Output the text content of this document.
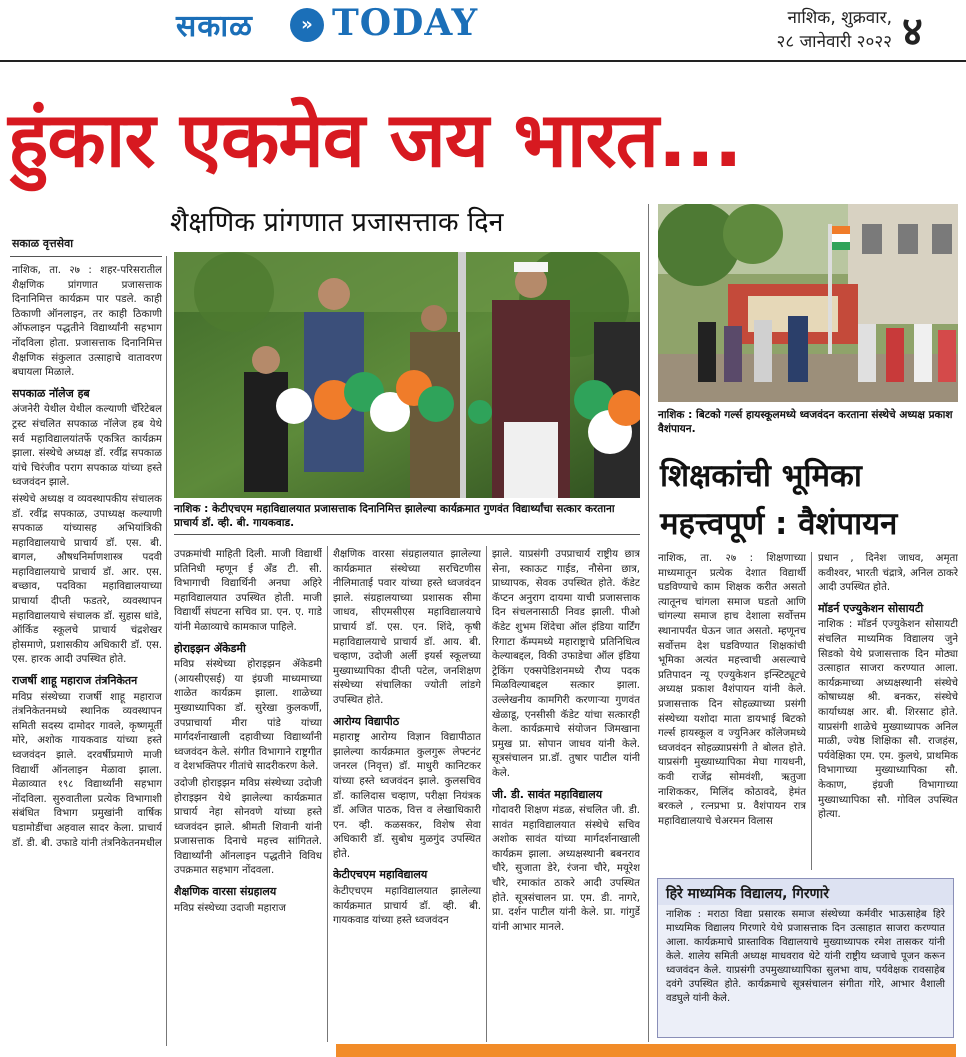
सकाळ	» TODAY	नाशिक, शुक्रवार,
२८ जानेवारी २०२२ ४
हुंकार एकमेव जय भारत...
शैक्षणिक प्रांगणात प्रजासत्ताक दिन
सकाळ वृत्तसेवा

नाशिक, ता. २७ : शहर-परिसरातील शैक्षणिक प्रांगणात प्रजासत्ताक दिनानिमित्त कार्यक्रम पार पडले. काही ठिकाणी ऑनलाइन, तर काही ठिकाणी ऑफलाइन पद्धतीने विद्यार्थ्यांनी सहभाग नोंदविला होता. प्रजासत्ताक दिनानिमित्त शैक्षणिक संकुलात उत्साहाचे वातावरण बघायला मिळाले.

सपकाळ नॉलेज हब

अंजनेरी येथील येथील कल्याणी चॅरिटेबल ट्रस्ट संचलित सपकाळ नॉलेज हब येथे सर्व महाविद्यालयांतर्फे एकत्रित कार्यक्रम झाला. संस्थेचे अध्यक्ष डॉ. रवींद्र सपकाळ यांचे चिरंजीव पराग सपकाळ यांच्या हस्ते ध्वजवंदन झाले.

संस्थेचे अध्यक्ष व व्यवस्थापकीय संचालक डॉ. रवींद्र सपकाळ, उपाध्यक्ष कल्याणी सपकाळ यांच्यासह अभियांत्रिकी महाविद्यालयाचे प्राचार्य डॉ. एस. बी. बागल, औषधनिर्माणशास्त्र पदवी महाविद्यालयाचे प्राचार्य डॉ. आर. एस. बच्छाव, पदविका महाविद्यालयाच्या प्राचार्या दीप्ती फडतरे, व्यवस्थापन महाविद्यालयाचे संचालक डॉ. सुहास धांडे, ऑर्किड स्कूलचे प्राचार्य चंद्रशेखर होसमाणे, प्रशासकीय अधिकारी डॉ. एस. एस. हारक आदी उपस्थित होते.

राजर्षी शाहू महाराज तंत्रनिकेतन

मविप्र संस्थेच्या राजर्षी शाहू महाराज तंत्रनिकेतनमध्ये स्थानिक व्यवस्थापन समिती सदस्य दामोदर गावले, कृष्णमूर्ती मोरे, अशोक गायकवाड यांच्या हस्ते ध्वजवंदन झाले. दरवर्षीप्रमाणे माजी विद्यार्थी ऑनलाइन मेळावा झाला. मेळाव्यात १९८ विद्यार्थ्यांनी सहभाग नोंदविला. सुरुवातीला प्रत्येक विभागाशी संबंधित विभाग प्रमुखांनी वार्षिक घडामोडींचा अहवाल सादर केला. प्राचार्य डॉ. डी. बी. उफाडे यांनी तंत्रनिकेतनमधील

नाशिक : केटीएचएम महाविद्यालयात प्रजासत्ताक दिनानिमित्त झालेल्या कार्यक्रमात गुणवंत विद्यार्थ्यांचा सत्कार करताना प्राचार्य डॉ. व्ही. बी. गायकवाड.

उपक्रमांची माहिती दिली. माजी विद्यार्थी प्रतिनिधी म्हणून ई अँड टी. सी. विभागाची विद्यार्थिनी अनघा अहिरे महाविद्यालयात उपस्थित होती. माजी विद्यार्थी संघटना सचिव प्रा. एन. ए. गाडे यांनी मेळाव्याचे कामकाज पाहिले.

होराइझन ॲकेडमी

मविप्र संस्थेच्या होराइझन ॲकेडमी (आयसीएसई) या इंग्रजी माध्यमाच्या शाळेत कार्यक्रम झाला. शाळेच्या मुख्याध्यापिका डॉ. सुरेखा कुलकर्णी, उपप्राचार्या मीरा पांडे यांच्या मार्गदर्शनाखाली दहावीच्या विद्यार्थ्यांनी ध्वजवंदन केले. संगीत विभागाने राष्ट्रगीत व देशभक्तिपर गीतांचे सादरीकरण केले.

उदोजी होराइझन मविप्र संस्थेच्या उदोजी होराइझन येथे झालेल्या कार्यक्रमात प्राचार्य नेहा सोनवणे यांच्या हस्ते ध्वजवंदन झाले. श्रीमती शिवानी यांनी प्रजासत्ताक दिनाचे महत्त्व सांगितले. विद्यार्थ्यांनी ऑनलाइन पद्धतीने विविध उपक्रमात सहभाग नोंदवला.

शैक्षणिक वारसा संग्रहालय

मविप्र संस्थेच्या उदाजी महाराज

शैक्षणिक वारसा संग्रहालयात झालेल्या कार्यक्रमात संस्थेच्या सरचिटणीस नीलिमाताई पवार यांच्या हस्ते ध्वजवंदन झाले. संग्रहालयाच्या प्रशासक सीमा जाधव, सीएमसीएस महाविद्यालयाचे प्राचार्य डॉ. एस. एन. शिंदे, कृषी महाविद्यालयाचे प्राचार्य डॉ. आय. बी. चव्हाण, उदोजी अर्ली इयर्स स्कूलच्या मुख्याध्यापिका दीप्ती पटेल, जनशिक्षण संस्थेच्या संचालिका ज्योती लांडगे उपस्थित होते.

आरोग्य विद्यापीठ

महाराष्ट्र आरोग्य विज्ञान विद्यापीठात झालेल्या कार्यक्रमात कुलगुरू लेफ्टनंट जनरल (निवृत्त) डॉ. माधुरी कानिटकर यांच्या हस्ते ध्वजवंदन झाले. कुलसचिव डॉ. कालिदास चव्हाण, परीक्षा नियंत्रक डॉ. अजित पाठक, वित्त व लेखाधिकारी एन. व्ही. कळसकर, विशेष सेवा अधिकारी डॉ. सुबोध मुळगुंद उपस्थित होते.

केटीएचएम महाविद्यालय

केटीएचएम महाविद्यालयात झालेल्या कार्यक्रमात प्राचार्य डॉ. व्ही. बी. गायकवाड यांच्या हस्ते ध्वजवंदन

झाले. याप्रसंगी उपप्राचार्य राष्ट्रीय छात्र सेना, स्काऊट गाईड, नौसेना छात्र, प्राध्यापक, सेवक उपस्थित होते. कॅडेट कॅप्टन अनुराग दायमा याची प्रजासत्ताक दिन संचलनासाठी निवड झाली. पीओ कॅडेट शुभम शिंदेचा ऑल इंडिया यार्टिंग रिगाटा कॅम्पमध्ये महाराष्ट्राचे प्रतिनिधित्व केल्याबद्दल, विकी उफाडेचा ऑल इंडिया ट्रेकिंग एक्सपेडिशनमध्ये रौप्य पदक मिळविल्याबद्दल सत्कार झाला. उल्लेखनीय कामगिरी करणाऱ्या गुणवंत खेळाडू, एनसीसी कॅडेट यांचा सत्कारही केला. कार्यक्रमाचे संयोजन जिमखाना प्रमुख प्रा. सोपान जाधव यांनी केले. सूत्रसंचालन प्रा.डॉ. तुषार पाटील यांनी केले.

जी. डी. सावंत महाविद्यालय

गोदावरी शिक्षण मंडळ, संचलित जी. डी. सावंत महाविद्यालयात संस्थेचे सचिव अशोक सावंत यांच्या मार्गदर्शनाखाली कार्यक्रम झाला. अध्यक्षस्थानी बबनराव चौरे, सुजाता डेरे, रंजना चौरे, मयूरेश चौरे, रमाकांत ठाकरे आदी उपस्थित होते. सूत्रसंचालन प्रा. एम. डी. नागरे, प्रा. दर्शन पाटील यांनी केले. प्रा. गांगुर्डे यांनी आभार मानले.

नाशिक : बिटको गर्ल्स हायस्कूलमध्ये ध्वजवंदन करताना संस्थेचे अध्यक्ष प्रकाश वैशंपायन.
शिक्षकांची भूमिका
महत्त्वपूर्ण : वैशंपायन

नाशिक, ता. २७ : शिक्षणाच्या माध्यमातून प्रत्येक देशात विद्यार्थी घडविण्याचे काम शिक्षक करीत असतो त्यातूनच चांगला समाज घडतो आणि चांगल्या समाज हाच देशाला सर्वोत्तम स्थानापर्यंत घेऊन जात असतो. म्हणूनच सर्वोत्तम देश घडविण्यात शिक्षकांची भूमिका अत्यंत महत्त्वाची असल्याचे प्रतिपादन न्यू एज्युकेशन इन्स्टिट्यूटचे अध्यक्ष प्रकाश वैशंपायन यांनी केले. प्रजासत्ताक दिन सोहळ्याच्या प्रसंगी संस्थेच्या यशोदा माता डायभाई बिटको गर्ल्स हायस्कूल व ज्युनिअर कॉलेजमध्ये ध्वजवंदन सोहळ्याप्रसंगी ते बोलत होते. याप्रसंगी मुख्याध्यापिका मेघा गायधनी, कवी राजेंद्र सोमवंशी, ऋतुजा नाशिककर, मिलिंद कोठावदे, हेमंत बरकले , रत्नप्रभा प्र. वैशंपायन रात्र महाविद्यालयाचे चेअरमन विलास

प्रधान , दिनेश जाधव, अमृता कवीश्वर, भारती चंद्रात्रे, अनिल ठाकरे आदी उपस्थित होते.

मॉडर्न एज्युकेशन सोसायटी

नाशिक : मॉडर्न एज्युकेशन सोसायटी संचलित माध्यमिक विद्यालय जुने सिडको येथे प्रजासत्ताक दिन मोठ्या उत्साहात साजरा करण्यात आला. कार्यक्रमाच्या अध्यक्षस्थानी संस्थेचे कोषाध्यक्ष श्री. बनकर, संस्थेचे कार्याध्यक्ष आर. बी. शिरसाट होते. याप्रसंगी शाळेचे मुख्याध्यापक अनिल माळी, ज्येष्ठ शिक्षिका सौ. राजहंस, पर्यवेक्षिका एम. एम. कुलथे, प्राथमिक विभागाच्या मुख्याध्यापिका सौ. केकाण, इंग्रजी विभागाच्या मुख्याध्यापिका सौ. गोविल उपस्थित होत्या.

हिरे माध्यमिक विद्यालय, गिरणारे

नाशिक : मराठा विद्या प्रसारक समाज संस्थेच्या कर्मवीर भाऊसाहेब हिरे माध्यमिक विद्यालय गिरणारे येथे प्रजासत्ताक दिन उत्साहात साजरा करण्यात आला. कार्यक्रमाचे प्रास्ताविक विद्यालयाचे मुख्याध्यापक रमेश तासकर यांनी केले. शालेय समिती अध्यक्ष माधवराव थेटे यांनी राष्ट्रीय ध्वजाचे पूजन करून ध्वजवंदन केले. याप्रसंगी उपमुख्याध्यापिका सुलभा वाघ, पर्यवेक्षक रावसाहेब दवंगे उपस्थित होते. कार्यक्रमाचे सूत्रसंचालन संगीता गोरे, आभार वैशाली वडघुले यांनी केले.
